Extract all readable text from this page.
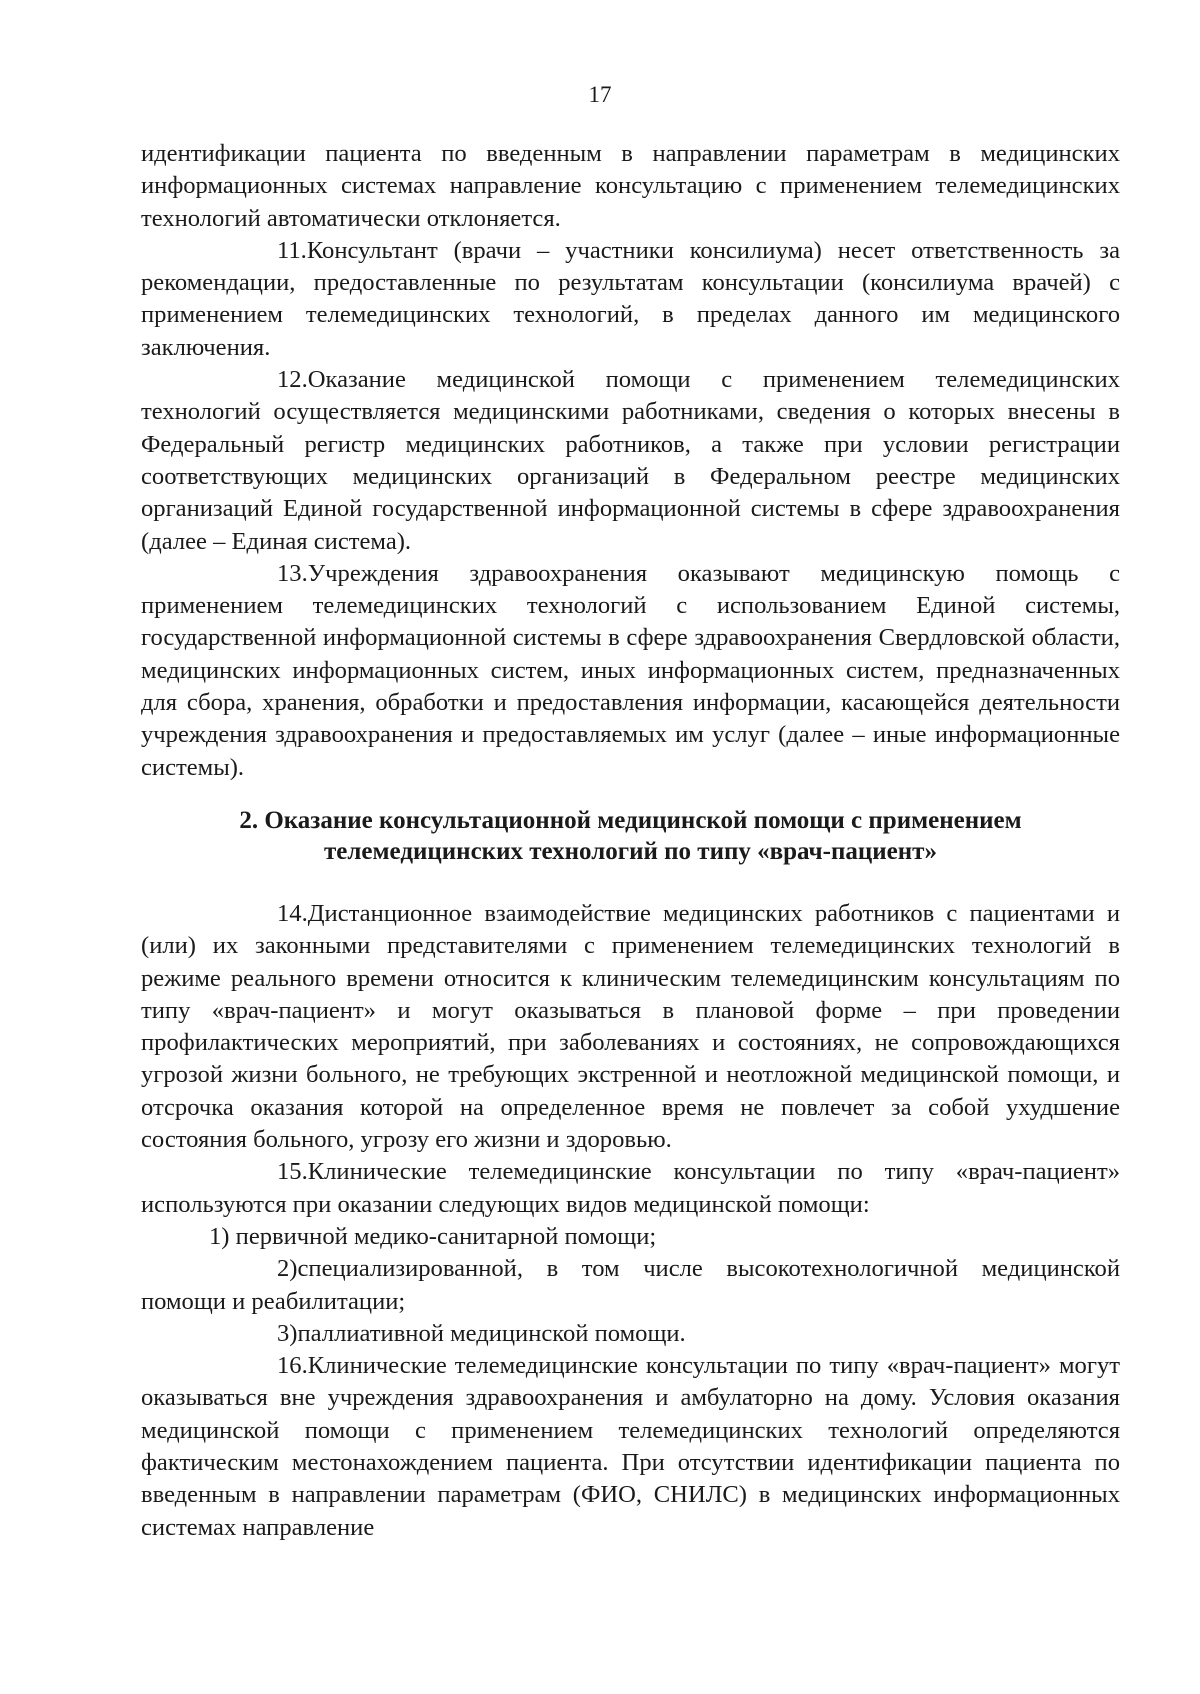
17

идентификации пациента по введенным в направлении параметрам в медицинских информационных системах направление консультацию с применением телемедицинских технологий автоматически отклоняется.

11.Консультант (врачи – участники консилиума) несет ответственность за рекомендации, предоставленные по результатам консультации (консилиума врачей) с применением телемедицинских технологий, в пределах данного им медицинского заключения.

12.Оказание медицинской помощи с применением телемедицинских технологий осуществляется медицинскими работниками, сведения о которых внесены в Федеральный регистр медицинских работников, а также при условии регистрации соответствующих медицинских организаций в Федеральном реестре медицинских организаций Единой государственной информационной системы в сфере здравоохранения (далее – Единая система).

13.Учреждения здравоохранения оказывают медицинскую помощь с применением телемедицинских технологий с использованием Единой системы, государственной информационной системы в сфере здравоохранения Свердловской области, медицинских информационных систем, иных информационных систем, предназначенных для сбора, хранения, обработки и предоставления информации, касающейся деятельности учреждения здравоохранения и предоставляемых им услуг (далее – иные информационные системы).

2. Оказание консультационной медицинской помощи с применением телемедицинских технологий по типу «врач-пациент»

14.Дистанционное взаимодействие медицинских работников с пациентами и (или) их законными представителями с применением телемедицинских технологий в режиме реального времени относится к клиническим телемедицинским консультациям по типу «врач-пациент» и могут оказываться в плановой форме – при проведении профилактических мероприятий, при заболеваниях и состояниях, не сопровождающихся угрозой жизни больного, не требующих экстренной и неотложной медицинской помощи, и отсрочка оказания которой на определенное время не повлечет за собой ухудшение состояния больного, угрозу его жизни и здоровью.

15.Клинические телемедицинские консультации по типу «врач-пациент» используются при оказании следующих видов медицинской помощи:

1) первичной медико-санитарной помощи;

2)специализированной, в том числе высокотехнологичной медицинской помощи и реабилитации;

3)паллиативной медицинской помощи.

16.Клинические телемедицинские консультации по типу «врач-пациент» могут оказываться вне учреждения здравоохранения и амбулаторно на дому. Условия оказания медицинской помощи с применением телемедицинских технологий определяются фактическим местонахождением пациента. При отсутствии идентификации пациента по введенным в направлении параметрам (ФИО, СНИЛС) в медицинских информационных системах направление
